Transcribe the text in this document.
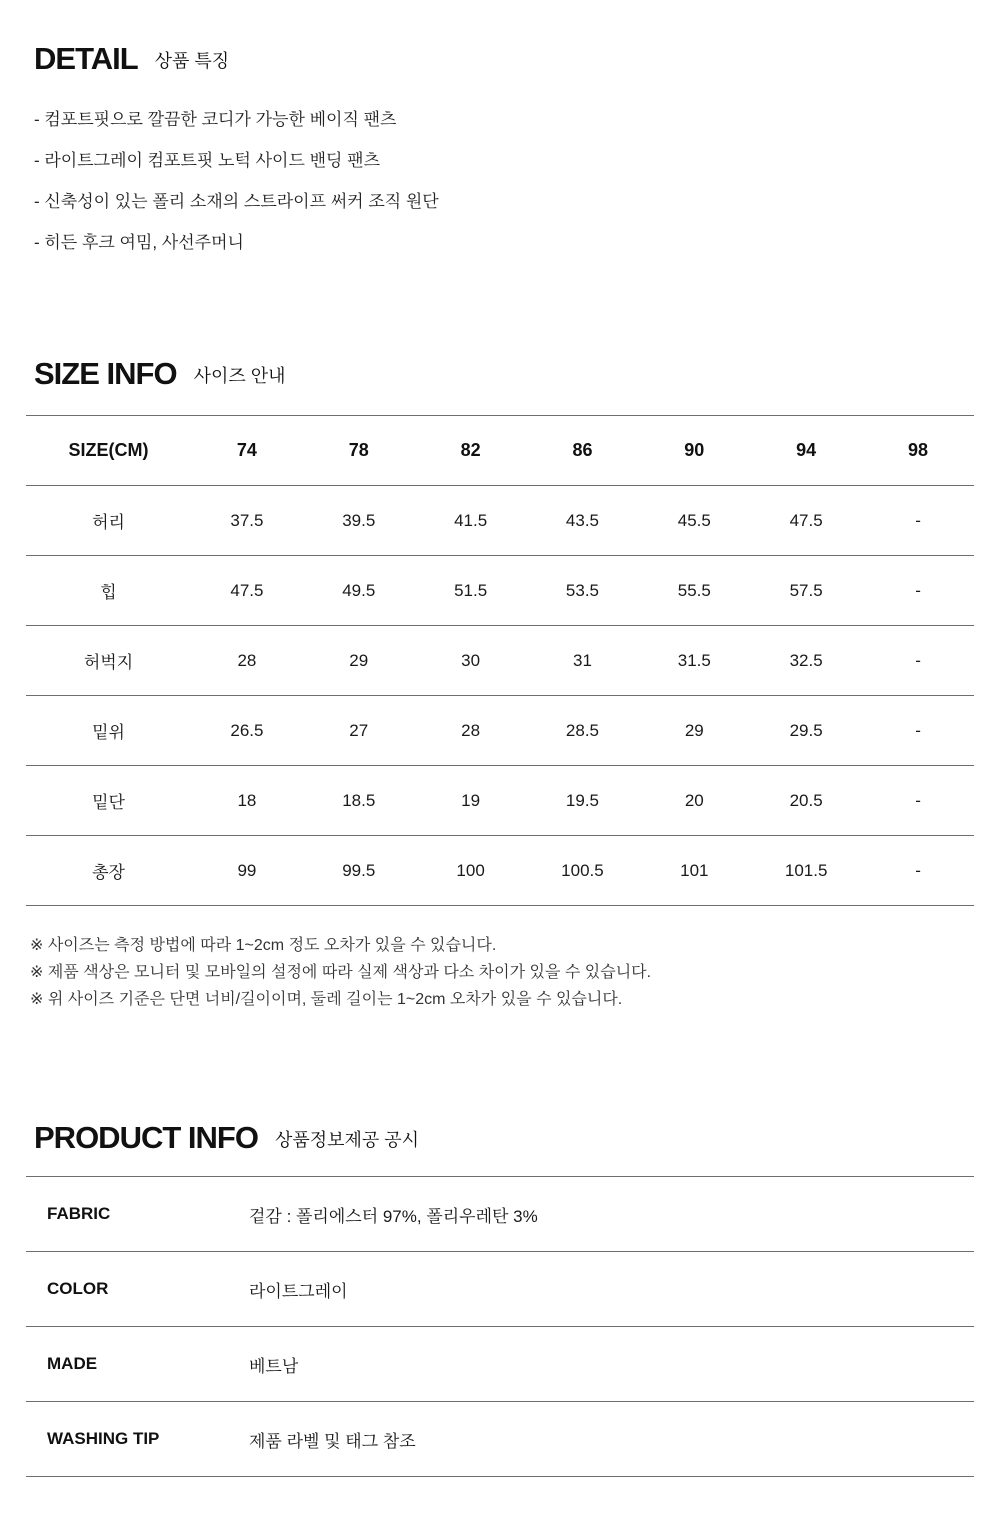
DETAIL 상품 특징
- 컴포트핏으로 깔끔한 코디가 가능한 베이직 팬츠
- 라이트그레이 컴포트핏 노턱 사이드 밴딩 팬츠
- 신축성이 있는 폴리 소재의 스트라이프 써커 조직 원단
- 히든 후크 여밈, 사선주머니
SIZE INFO 사이즈 안내
SIZE(CM)	74	78	82	86	90	94	98
허리	37.5	39.5	41.5	43.5	45.5	47.5	-
힙	47.5	49.5	51.5	53.5	55.5	57.5	-
허벅지	28	29	30	31	31.5	32.5	-
밑위	26.5	27	28	28.5	29	29.5	-
밑단	18	18.5	19	19.5	20	20.5	-
총장	99	99.5	100	100.5	101	101.5	-
※ 사이즈는 측정 방법에 따라 1~2cm 정도 오차가 있을 수 있습니다.
※ 제품 색상은 모니터 및 모바일의 설정에 따라 실제 색상과 다소 차이가 있을 수 있습니다.
※ 위 사이즈 기준은 단면 너비/길이이며, 둘레 길이는 1~2cm 오차가 있을 수 있습니다.
PRODUCT INFO 상품정보제공 공시
FABRIC	겉감 : 폴리에스터 97%, 폴리우레탄 3%
COLOR	라이트그레이
MADE	베트남
WASHING TIP	제품 라벨 및 태그 참조
